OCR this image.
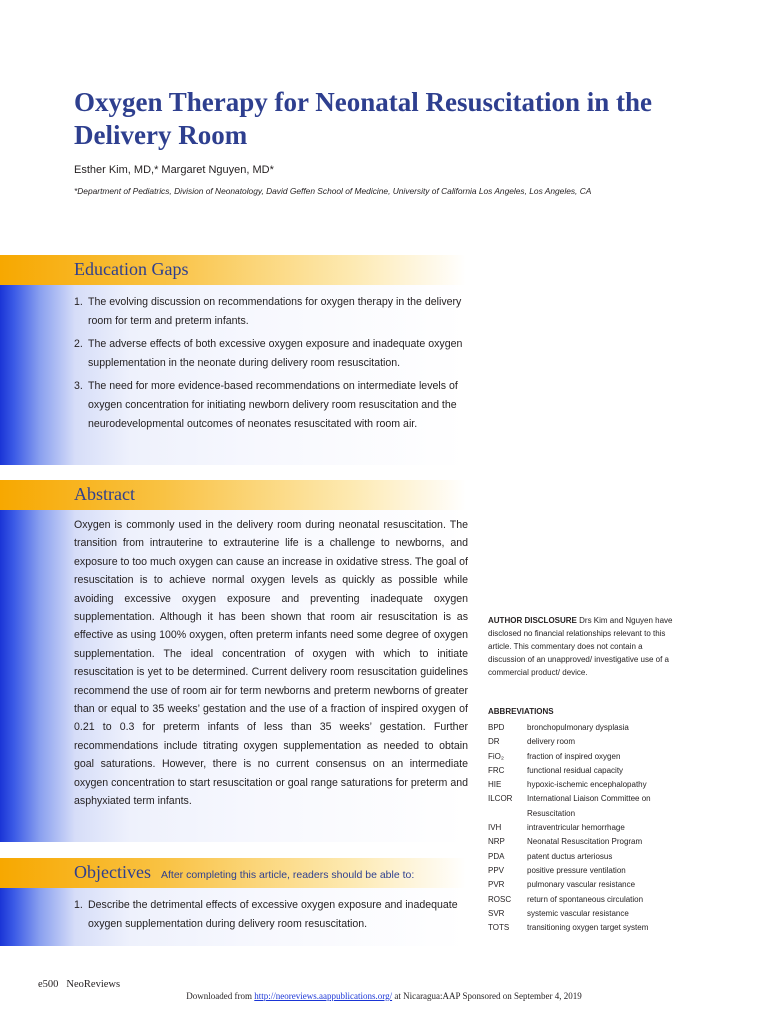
Oxygen Therapy for Neonatal Resuscitation in the Delivery Room
Esther Kim, MD,* Margaret Nguyen, MD*
*Department of Pediatrics, Division of Neonatology, David Geffen School of Medicine, University of California Los Angeles, Los Angeles, CA
Education Gaps
1. The evolving discussion on recommendations for oxygen therapy in the delivery room for term and preterm infants.
2. The adverse effects of both excessive oxygen exposure and inadequate oxygen supplementation in the neonate during delivery room resuscitation.
3. The need for more evidence-based recommendations on intermediate levels of oxygen concentration for initiating newborn delivery room resuscitation and the neurodevelopmental outcomes of neonates resuscitated with room air.
Abstract

Oxygen is commonly used in the delivery room during neonatal resuscitation. The transition from intrauterine to extrauterine life is a challenge to newborns, and exposure to too much oxygen can cause an increase in oxidative stress. The goal of resuscitation is to achieve normal oxygen levels as quickly as possible while avoiding excessive oxygen exposure and preventing inadequate oxygen supplementation. Although it has been shown that room air resuscitation is as effective as using 100% oxygen, often preterm infants need some degree of oxygen supplementation. The ideal concentration of oxygen with which to initiate resuscitation is yet to be determined. Current delivery room resuscitation guidelines recommend the use of room air for term newborns and preterm newborns of greater than or equal to 35 weeks’ gestation and the use of a fraction of inspired oxygen of 0.21 to 0.3 for preterm infants of less than 35 weeks’ gestation. Further recommendations include titrating oxygen supplementation as needed to obtain goal saturations. However, there is no current consensus on an intermediate oxygen concentration to start resuscitation or goal range saturations for preterm and asphyxiated term infants.

Objectives After completing this article, readers should be able to:
1. Describe the detrimental effects of excessive oxygen exposure and inadequate oxygen supplementation during delivery room resuscitation.
AUTHOR DISCLOSURE Drs Kim and Nguyen have disclosed no financial relationships relevant to this article. This commentary does not contain a discussion of an unapproved/ investigative use of a commercial product/ device.
ABBREVIATIONS
BPD	bronchopulmonary dysplasia
DR	delivery room
FiO₂	fraction of inspired oxygen
FRC	functional residual capacity
HIE	hypoxic-ischemic encephalopathy
ILCOR	International Liaison Committee on Resuscitation
IVH	intraventricular hemorrhage
NRP	Neonatal Resuscitation Program
PDA	patent ductus arteriosus
PPV	positive pressure ventilation
PVR	pulmonary vascular resistance
ROSC	return of spontaneous circulation
SVR	systemic vascular resistance
TOTS	transitioning oxygen target system
e500 NeoReviews
Downloaded from http://neoreviews.aappublications.org/ at Nicaragua:AAP Sponsored on September 4, 2019
